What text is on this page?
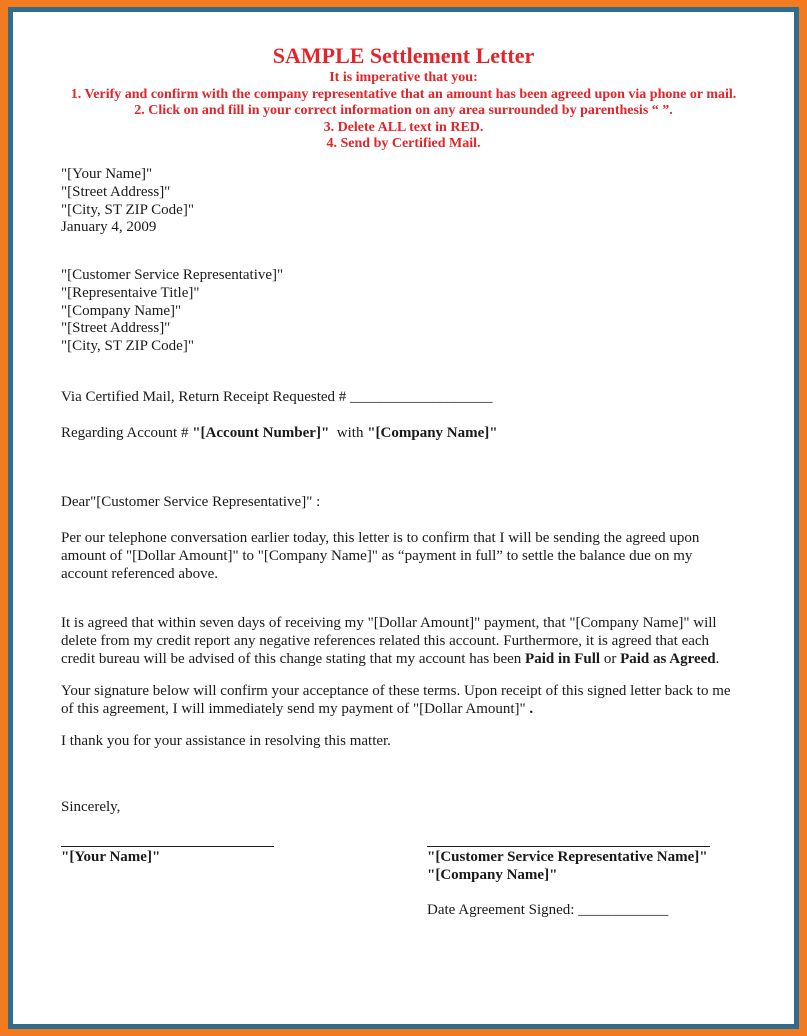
SAMPLE Settlement Letter
It is imperative that you:
1. Verify and confirm with the company representative that an amount has been agreed upon via phone or mail.
2. Click on and fill in your correct information on any area surrounded by parenthesis “ ”.
3. Delete ALL text in RED.
4. Send by Certified Mail.
"[Your Name]"
"[Street Address]"
"[City, ST ZIP Code]"
January 4, 2009
"[Customer Service Representative]"
"[Representaive Title]"
"[Company Name]"
"[Street Address]"
"[City, ST ZIP Code]"
Via Certified Mail, Return Receipt Requested # ___________________
Regarding Account # "[Account Number]"  with "[Company Name]"
Dear"[Customer Service Representative]" :
Per our telephone conversation earlier today, this letter is to confirm that I will be sending the agreed upon
amount of "[Dollar Amount]" to "[Company Name]" as “payment in full” to settle the balance due on my
account referenced above.
It is agreed that within seven days of receiving my "[Dollar Amount]" payment, that "[Company Name]" will
delete from my credit report any negative references related this account. Furthermore, it is agreed that each
credit bureau will be advised of this change stating that my account has been Paid in Full or Paid as Agreed.
Your signature below will confirm your acceptance of these terms. Upon receipt of this signed letter back to me
of this agreement, I will immediately send my payment of "[Dollar Amount]" .
I thank you for your assistance in resolving this matter.
Sincerely,
"[Your Name]"	"[Customer Service Representative Name]"
"[Company Name]"
Date Agreement Signed: ____________
